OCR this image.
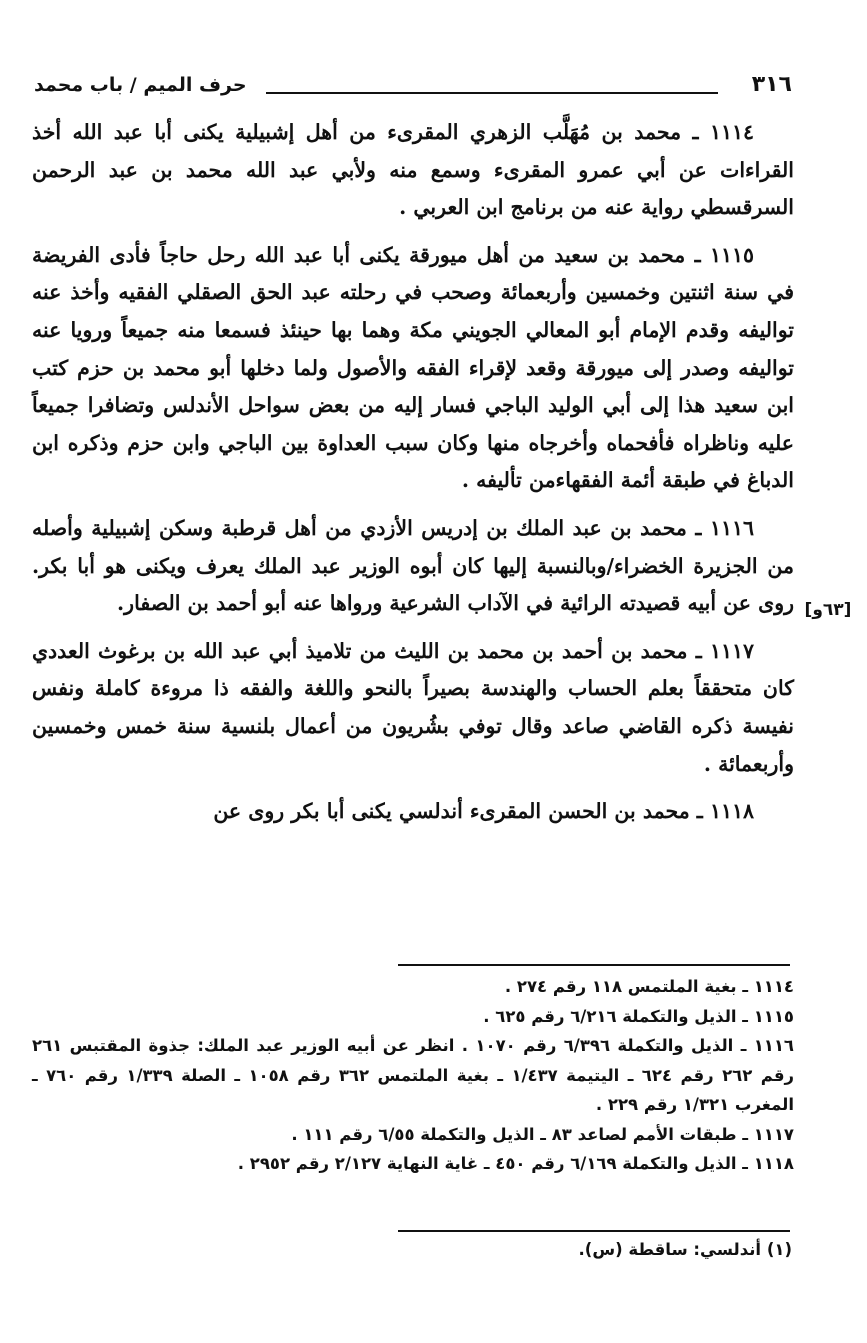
٣١٦
حرف الميم / باب محمد
[٦٣و]

١١١٤ ـ محمد بن مُهَلَّب الزهري المقرىء من أهل إشبيلية يكنى أبا عبد الله أخذ القراءات عن أبي عمرو المقرىء وسمع منه ولأبي عبد الله محمد بن عبد الرحمن السرقسطي رواية عنه من برنامج ابن العربي .

١١١٥ ـ محمد بن سعيد من أهل ميورقة يكنى أبا عبد الله رحل حاجاً فأدى الفريضة في سنة اثنتين وخمسين وأربعمائة وصحب في رحلته عبد الحق الصقلي الفقيه وأخذ عنه تواليفه وقدم الإمام أبو المعالي الجويني مكة وهما بها حينئذ فسمعا منه جميعاً ورويا عنه تواليفه وصدر إلى ميورقة وقعد لإقراء الفقه والأصول ولما دخلها أبو محمد بن حزم كتب ابن سعيد هذا إلى أبي الوليد الباجي فسار إليه من بعض سواحل الأندلس وتضافرا جميعاً عليه وناظراه فأفحماه وأخرجاه منها وكان سبب العداوة بين الباجي وابن حزم وذكره ابن الدباغ في طبقة أئمة الفقهاءمن تأليفه .

١١١٦ ـ محمد بن عبد الملك بن إدريس الأزدي من أهل قرطبة وسكن إشبيلية وأصله من الجزيرة الخضراء/وبالنسبة إليها كان أبوه الوزير عبد الملك يعرف ويكنى هو أبا بكر. روى عن أبيه قصيدته الرائية في الآداب الشرعية ورواها عنه أبو أحمد بن الصفار.

١١١٧ ـ محمد بن أحمد بن محمد بن الليث من تلاميذ أبي عبد الله بن برغوث العددي كان متحققاً بعلم الحساب والهندسة بصيراً بالنحو واللغة والفقه ذا مروءة كاملة ونفس نفيسة ذكره القاضي صاعد وقال توفي بشُريون من أعمال بلنسية سنة خمس وخمسين وأربعمائة .

١١١٨ ـ محمد بن الحسن المقرىء أندلسي يكنى أبا بكر روى عن

١١١٤ ـ بغية الملتمس ١١٨ رقم ٢٧٤ .

١١١٥ ـ الذيل والتكملة ٦/٢١٦ رقم ٦٢٥ .

١١١٦ ـ الذيل والتكملة ٦/٣٩٦ رقم ١٠٧٠ . انظر عن أبيه الوزير عبد الملك: جذوة المقتبس ٢٦١ رقم ٢٦٢ رقم ٦٢٤ ـ اليتيمة ١/٤٣٧ ـ بغية الملتمس ٣٦٢ رقم ١٠٥٨ ـ الصلة ١/٣٣٩ رقم ٧٦٠ ـ المغرب ١/٣٢١ رقم ٢٢٩ .

١١١٧ ـ طبقات الأمم لصاعد ٨٣ ـ الذيل والتكملة ٦/٥٥ رقم ١١١ .

١١١٨ ـ الذيل والتكملة ٦/١٦٩ رقم ٤٥٠ ـ غاية النهاية ٢/١٢٧ رقم ٢٩٥٢ .

(١) أندلسي: ساقطة (س).
